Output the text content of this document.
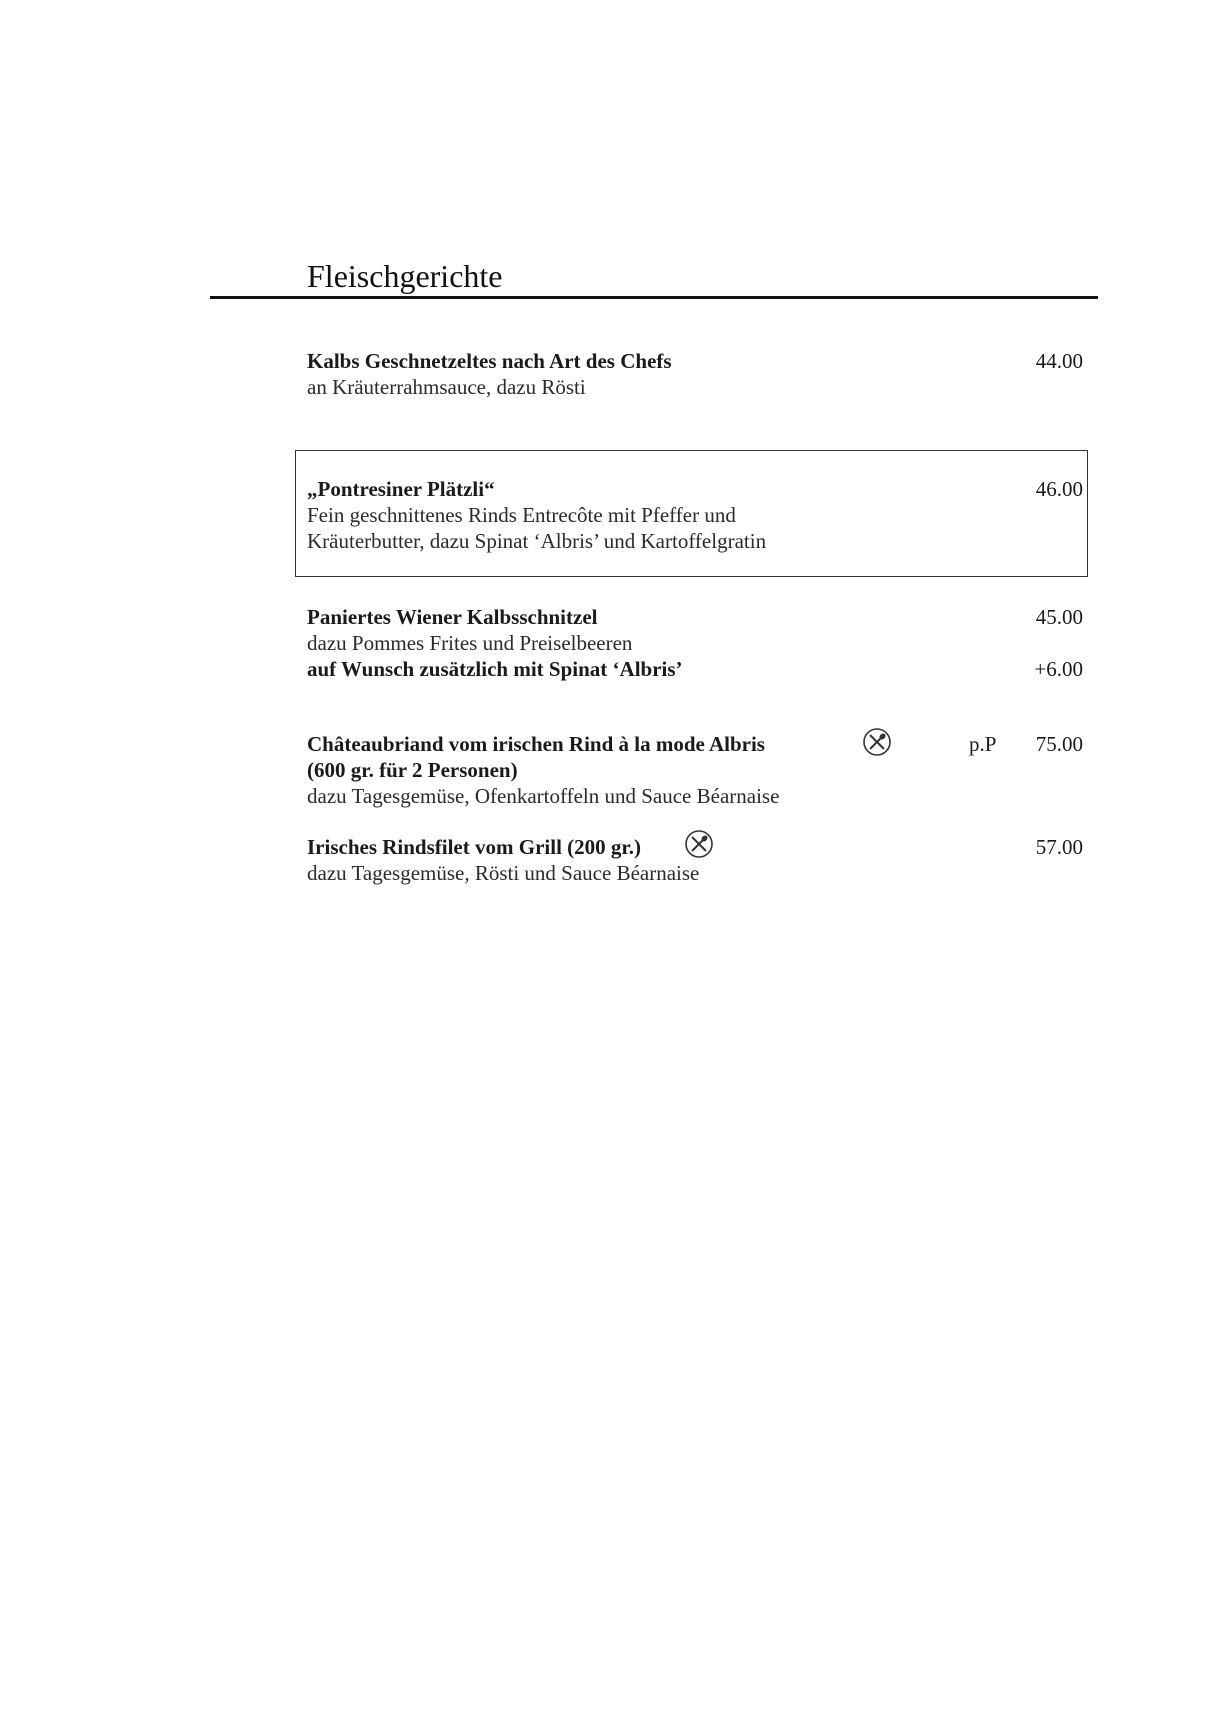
Fleischgerichte
Kalbs Geschnetzeltes nach Art des Chefs	44.00
an Kräuterrahmsauce, dazu Rösti
„Pontresiner Plätzli“	46.00
Fein geschnittenes Rinds Entrecôte mit Pfeffer und
Kräuterbutter, dazu Spinat ‘Albris’ und Kartoffelgratin
Paniertes Wiener Kalbsschnitzel	45.00
dazu Pommes Frites und Preiselbeeren
auf Wunsch zusätzlich mit Spinat ‘Albris’	+6.00
Châteaubriand vom irischen Rind à la mode Albris	p.P	75.00
(600 gr. für 2 Personen)
dazu Tagesgemüse, Ofenkartoffeln und Sauce Béarnaise
Irisches Rindsfilet vom Grill (200 gr.)	57.00
dazu Tagesgemüse, Rösti und Sauce Béarnaise
